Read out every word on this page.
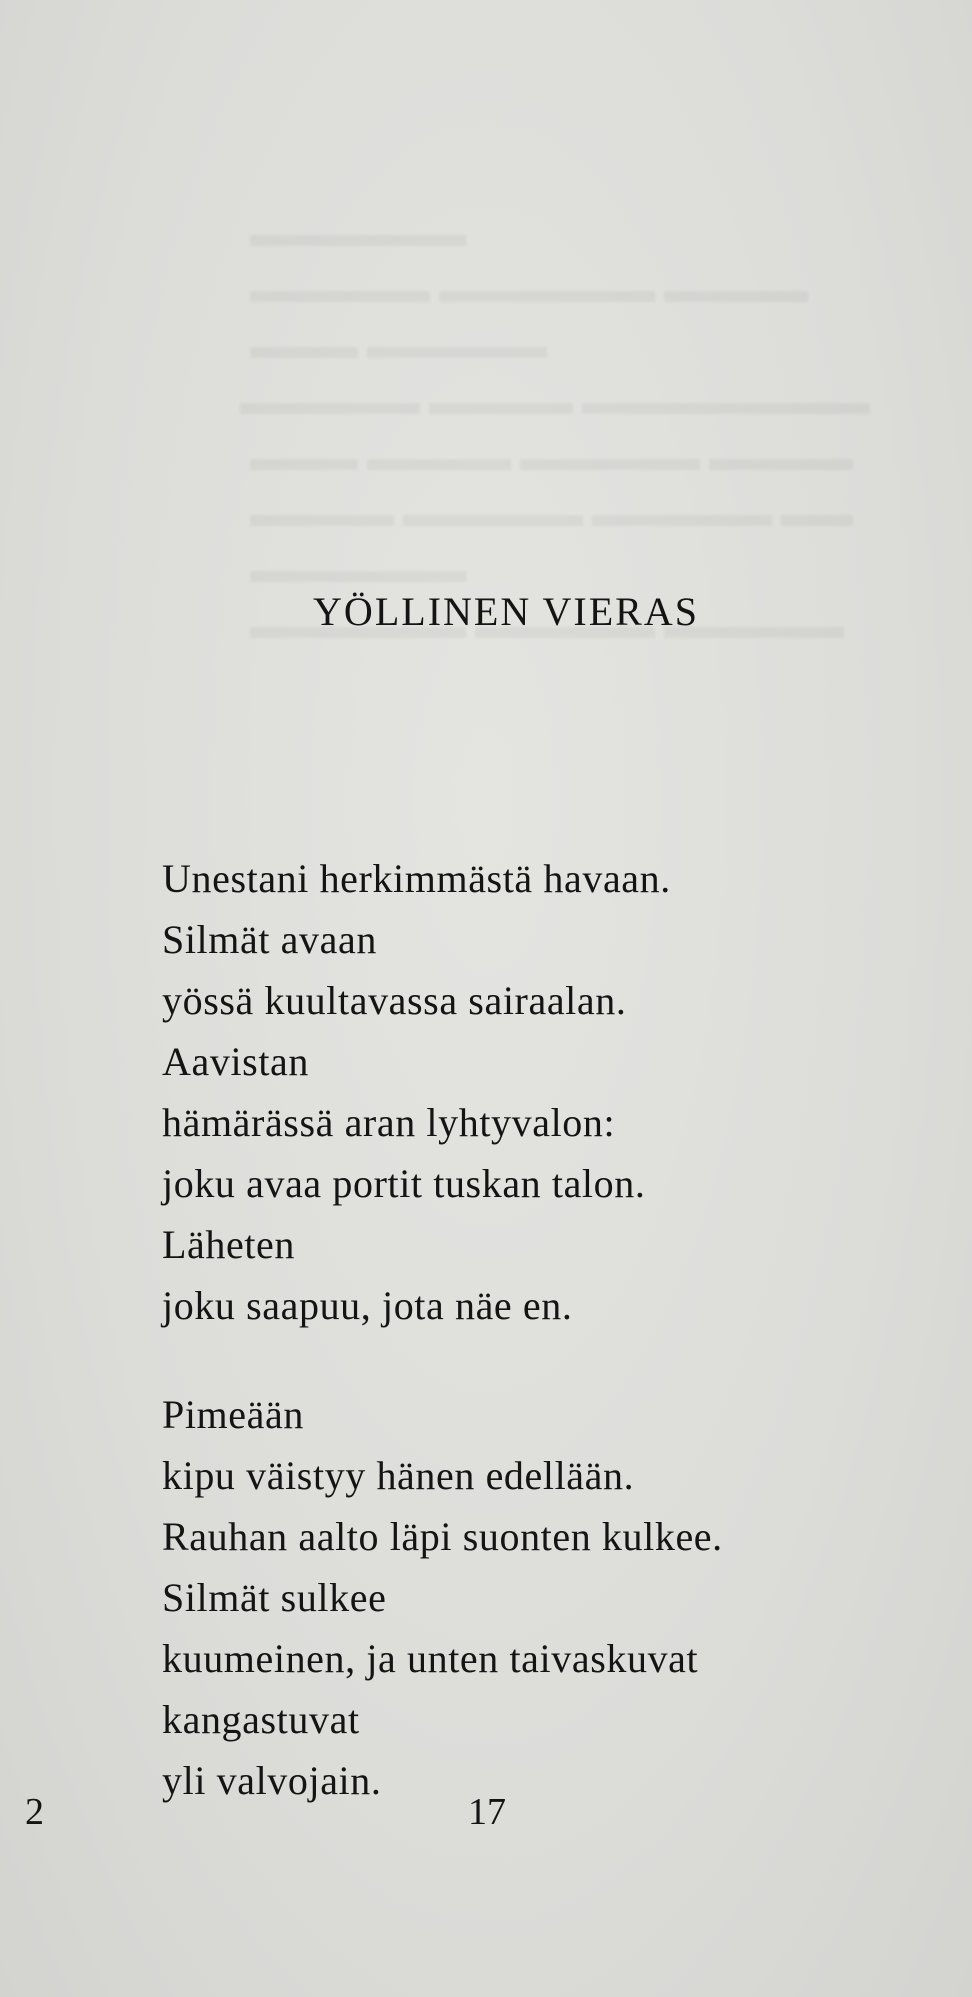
YÖLLINEN VIERAS
Unestani herkimmästä havaan.
Silmät avaan
yössä kuultavassa sairaalan.
Aavistan
hämärässä aran lyhtyvalon:
joku avaa portit tuskan talon.
Läheten
joku saapuu, jota näe en.
Pimeään
kipu väistyy hänen edellään.
Rauhan aalto läpi suonten kulkee.
Silmät sulkee
kuumeinen, ja unten taivaskuvat
kangastuvat
yli valvojain.
2	17
